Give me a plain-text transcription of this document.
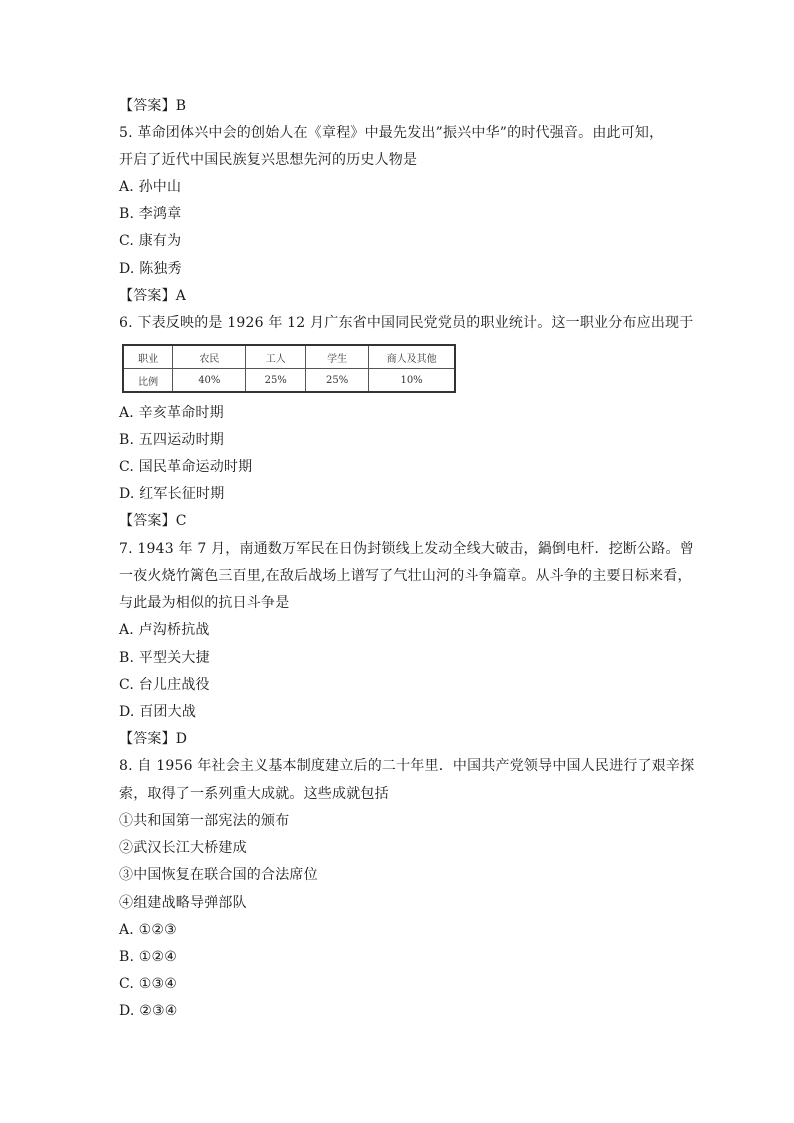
【答案】B
5. 革命团体兴中会的创始人在《章程》中最先发出”振兴中华”的时代强音。由此可知，
开启了近代中国民族复兴思想先河的历史人物是
A. 孙中山
B. 李鸿章
C. 康有为
D. 陈独秀
【答案】A
6. 下表反映的是 1926 年 12 月广东省中国同民党党员的职业统计。这一职业分布应出现于
职业	农民	工人	学生	商人及其他
比例	40%	25%	25%	10%
A. 辛亥革命时期
B. 五四运动时期
C. 国民革命运动时期
D. 红军长征时期
【答案】C
7. 1943 年 7 月，南通数万军民在日伪封锁线上发动全线大破击，鍋倒电杆．挖断公路。曾
一夜火烧竹篱色三百里,在敌后战场上谱写了气壮山河的斗争篇章。从斗争的主要日标来看，
与此最为相似的抗日斗争是
A. 卢沟桥抗战
B. 平型关大捷
C. 台儿庄战役
D. 百团大战
【答案】D
8. 自 1956 年社会主义基本制度建立后的二十年里．中国共产党领导中国人民进行了艰辛探
索，取得了一系列重大成就。这些成就包括
①共和国第一部宪法的颁布
②武汉长江大桥建成
③中国恢复在联合国的合法席位
④组建战略导弹部队
A. ①②③
B. ①②④
C. ①③④
D. ②③④
